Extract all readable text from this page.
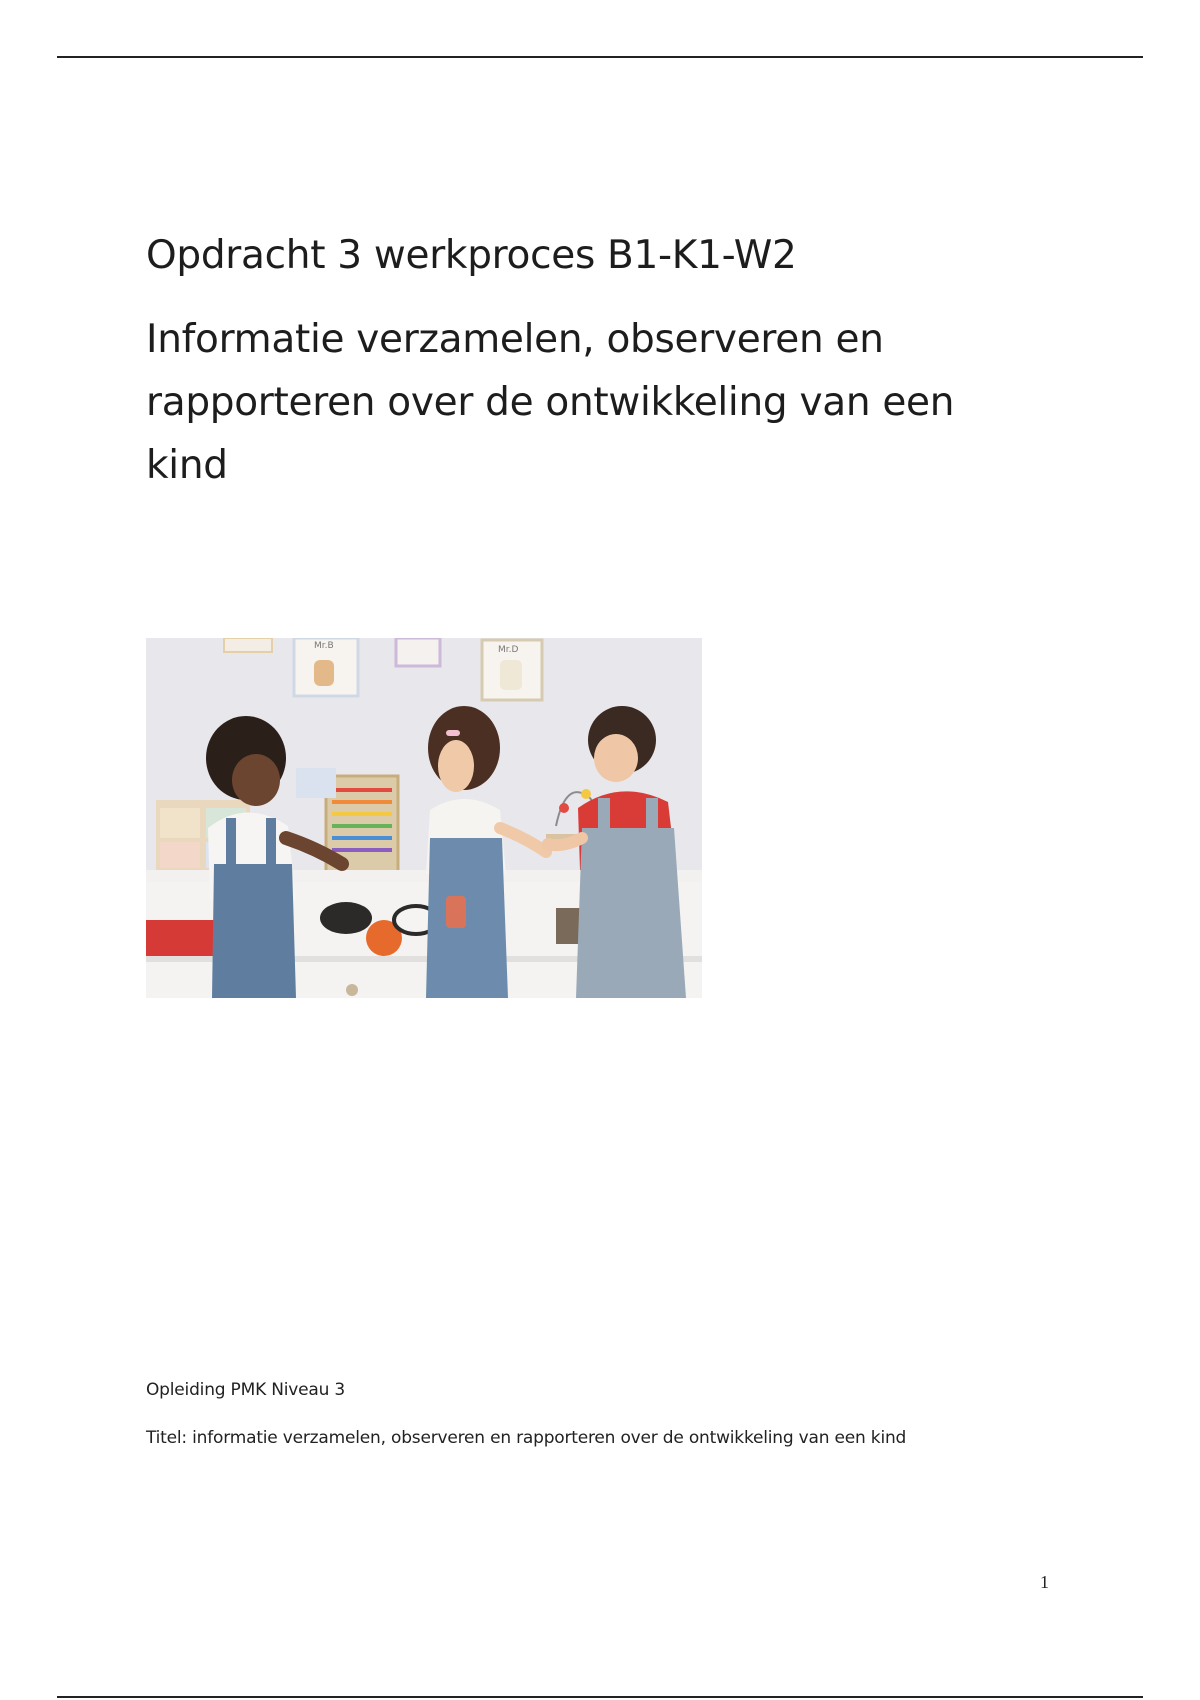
Opdracht 3 werkproces B1-K1-W2
Informatie verzamelen, observeren en rapporteren over de ontwikkeling van een kind
Mr.B	Mr.D

Opleiding PMK Niveau 3

Titel: informatie verzamelen, observeren en rapporteren over de ontwikkeling van een kind

1
